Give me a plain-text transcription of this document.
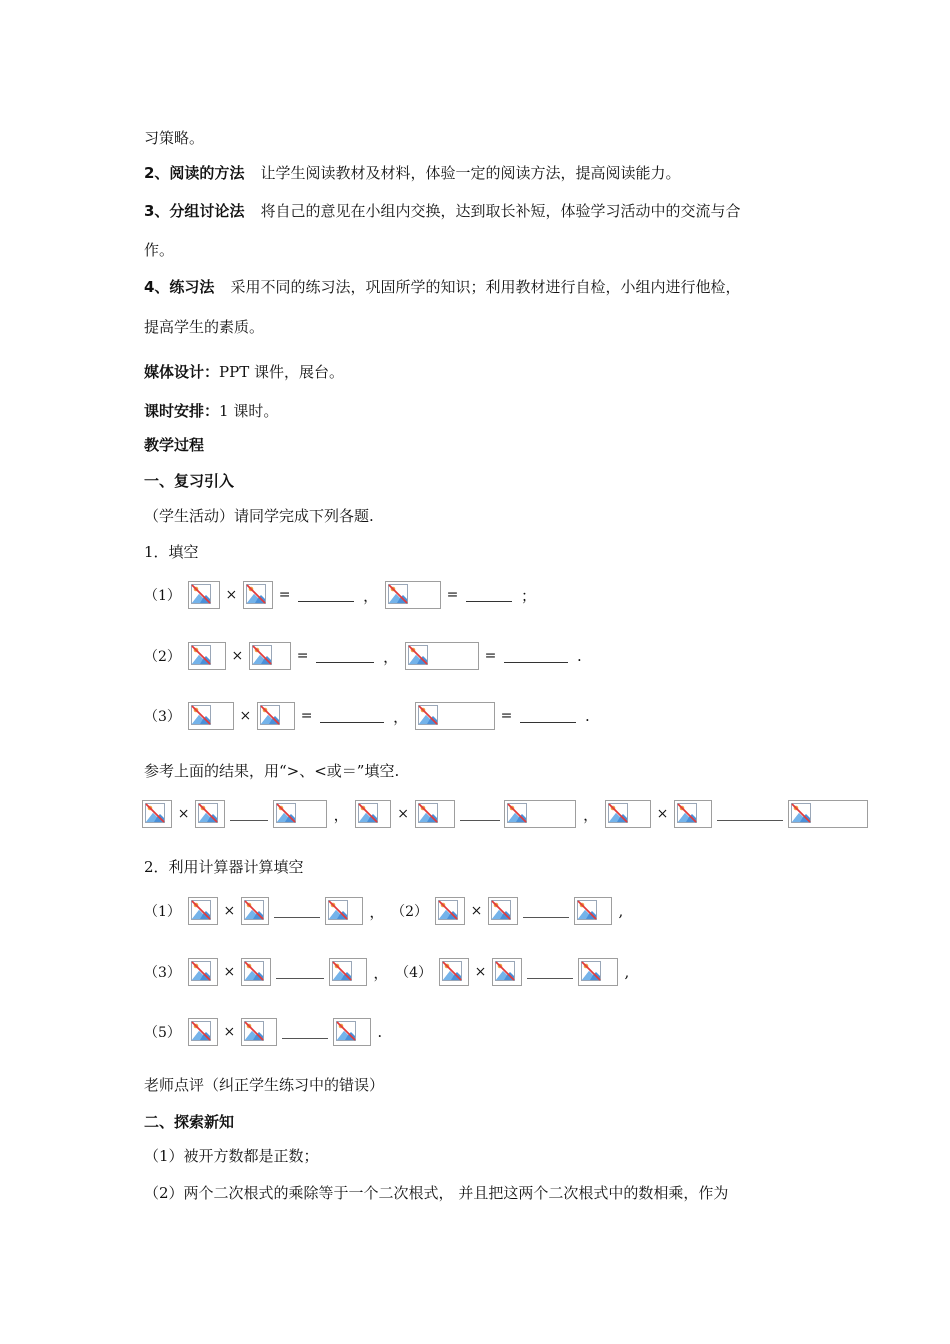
习策略。
2、阅读的方法 让学生阅读教材及材料，体验一定的阅读方法，提高阅读能力。
3、分组讨论法 将自己的意见在小组内交换，达到取长补短，体验学习活动中的交流与合
作。
4、练习法 采用不同的练习法，巩固所学的知识；利用教材进行自检，小组内进行他检，
提高学生的素质。
媒体设计：PPT 课件，展台。
课时安排：1 课时。
教学过程
一、复习引入
（学生活动）请同学完成下列各题.
1．填空
（1）	×	=	，	=	；
（2）	×	=	，	=	.
（3）	×	=	，	=	.
参考上面的结果，用“>、<或＝”填空.
×
	，	×
	，	×

2．利用计算器计算填空
（1）	×
	， （2）	×
	,
（3）	×
	， （4）	×
	,
（5）	×
	.
老师点评（纠正学生练习中的错误）
二、探索新知
（1）被开方数都是正数；
（2）两个二次根式的乘除等于一个二次根式， 并且把这两个二次根式中的数相乘，作为
